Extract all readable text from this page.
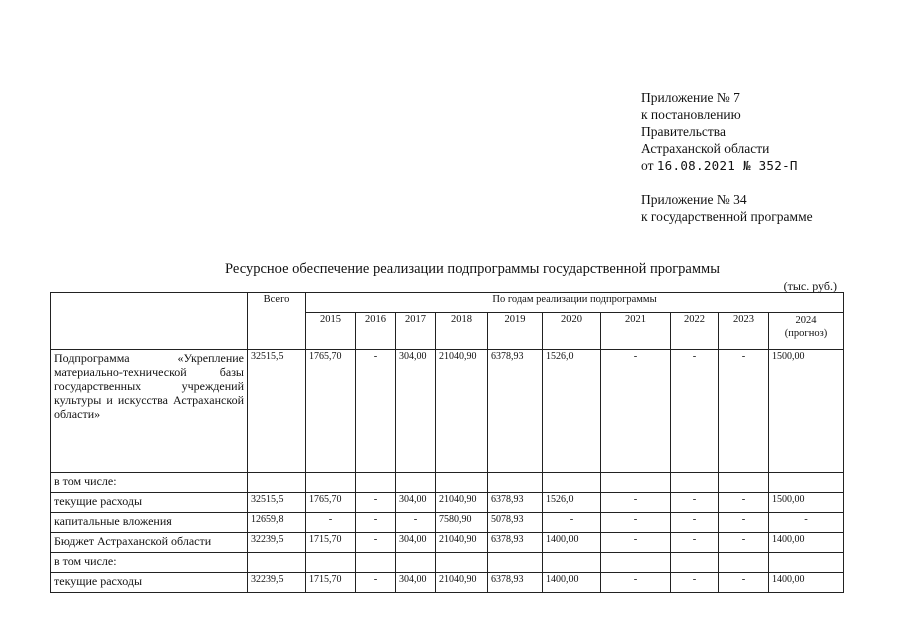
Приложение № 7
к постановлению
Правительства
Астраханской области
от 16.08.2021 № 352-П
Приложение № 34
к государственной программе
Ресурсное обеспечение реализации подпрограммы государственной программы
(тыс. руб.)
	Всего	По годам реализации подпрограммы									
		2015	2016	2017	2018	2019	2020	2021	2022	2023	2024
(прогноз)

Подпрограмма «Укрепление материально-технической базы государственных учреждений культуры и искусства Астраханской области»	32515,5	1765,70	-	304,00	21040,90	6378,93	1526,0	-	-	-	1500,00
в том числе:											
текущие расходы	32515,5	1765,70	-	304,00	21040,90	6378,93	1526,0	-	-	-	1500,00
капитальные вложения	12659,8	-	-	-	7580,90	5078,93	-	-	-	-	-
Бюджет Астраханской области	32239,5	1715,70	-	304,00	21040,90	6378,93	1400,00	-	-	-	1400,00
в том числе:											
текущие расходы	32239,5	1715,70	-	304,00	21040,90	6378,93	1400,00	-	-	-	1400,00
